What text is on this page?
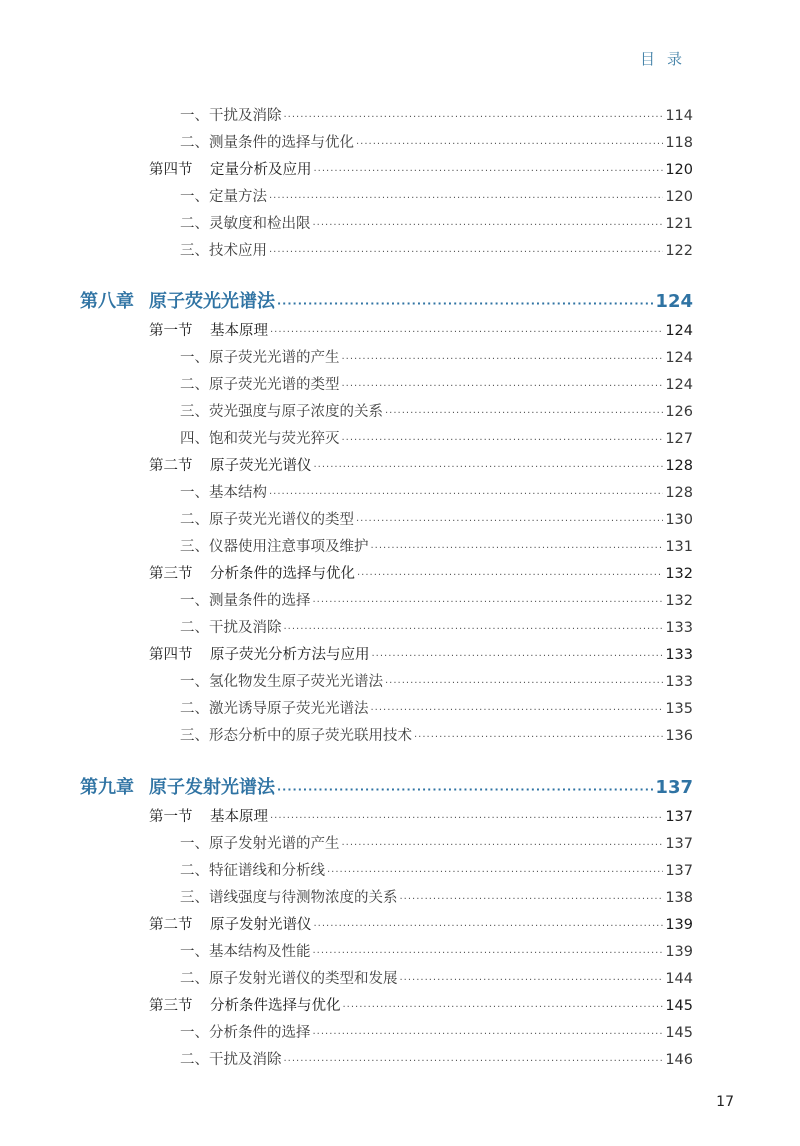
目录
一、干扰及消除 ·····	114
二、测量条件的选择与优化 ·····	118
第四节 定量分析及应用 ·····	120
一、定量方法 ·····	120
二、灵敏度和检出限 ·····	121
三、技术应用 ·····	122
第八章 原子荧光光谱法 ·····	124
第一节 基本原理 ·····	124
一、原子荧光光谱的产生 ·····	124
二、原子荧光光谱的类型 ·····	124
三、荧光强度与原子浓度的关系 ·····	126
四、饱和荧光与荧光猝灭 ·····	127
第二节 原子荧光光谱仪 ·····	128
一、基本结构 ·····	128
二、原子荧光光谱仪的类型 ·····	130
三、仪器使用注意事项及维护 ·····	131
第三节 分析条件的选择与优化 ·····	132
一、测量条件的选择 ·····	132
二、干扰及消除 ·····	133
第四节 原子荧光分析方法与应用 ·····	133
一、氢化物发生原子荧光光谱法 ·····	133
二、激光诱导原子荧光光谱法 ·····	135
三、形态分析中的原子荧光联用技术 ·····	136
第九章 原子发射光谱法 ·····	137
第一节 基本原理 ·····	137
一、原子发射光谱的产生 ·····	137
二、特征谱线和分析线 ·····	137
三、谱线强度与待测物浓度的关系 ·····	138
第二节 原子发射光谱仪 ·····	139
一、基本结构及性能 ·····	139
二、原子发射光谱仪的类型和发展 ·····	144
第三节 分析条件选择与优化 ·····	145
一、分析条件的选择 ·····	145
二、干扰及消除 ·····	146
17
